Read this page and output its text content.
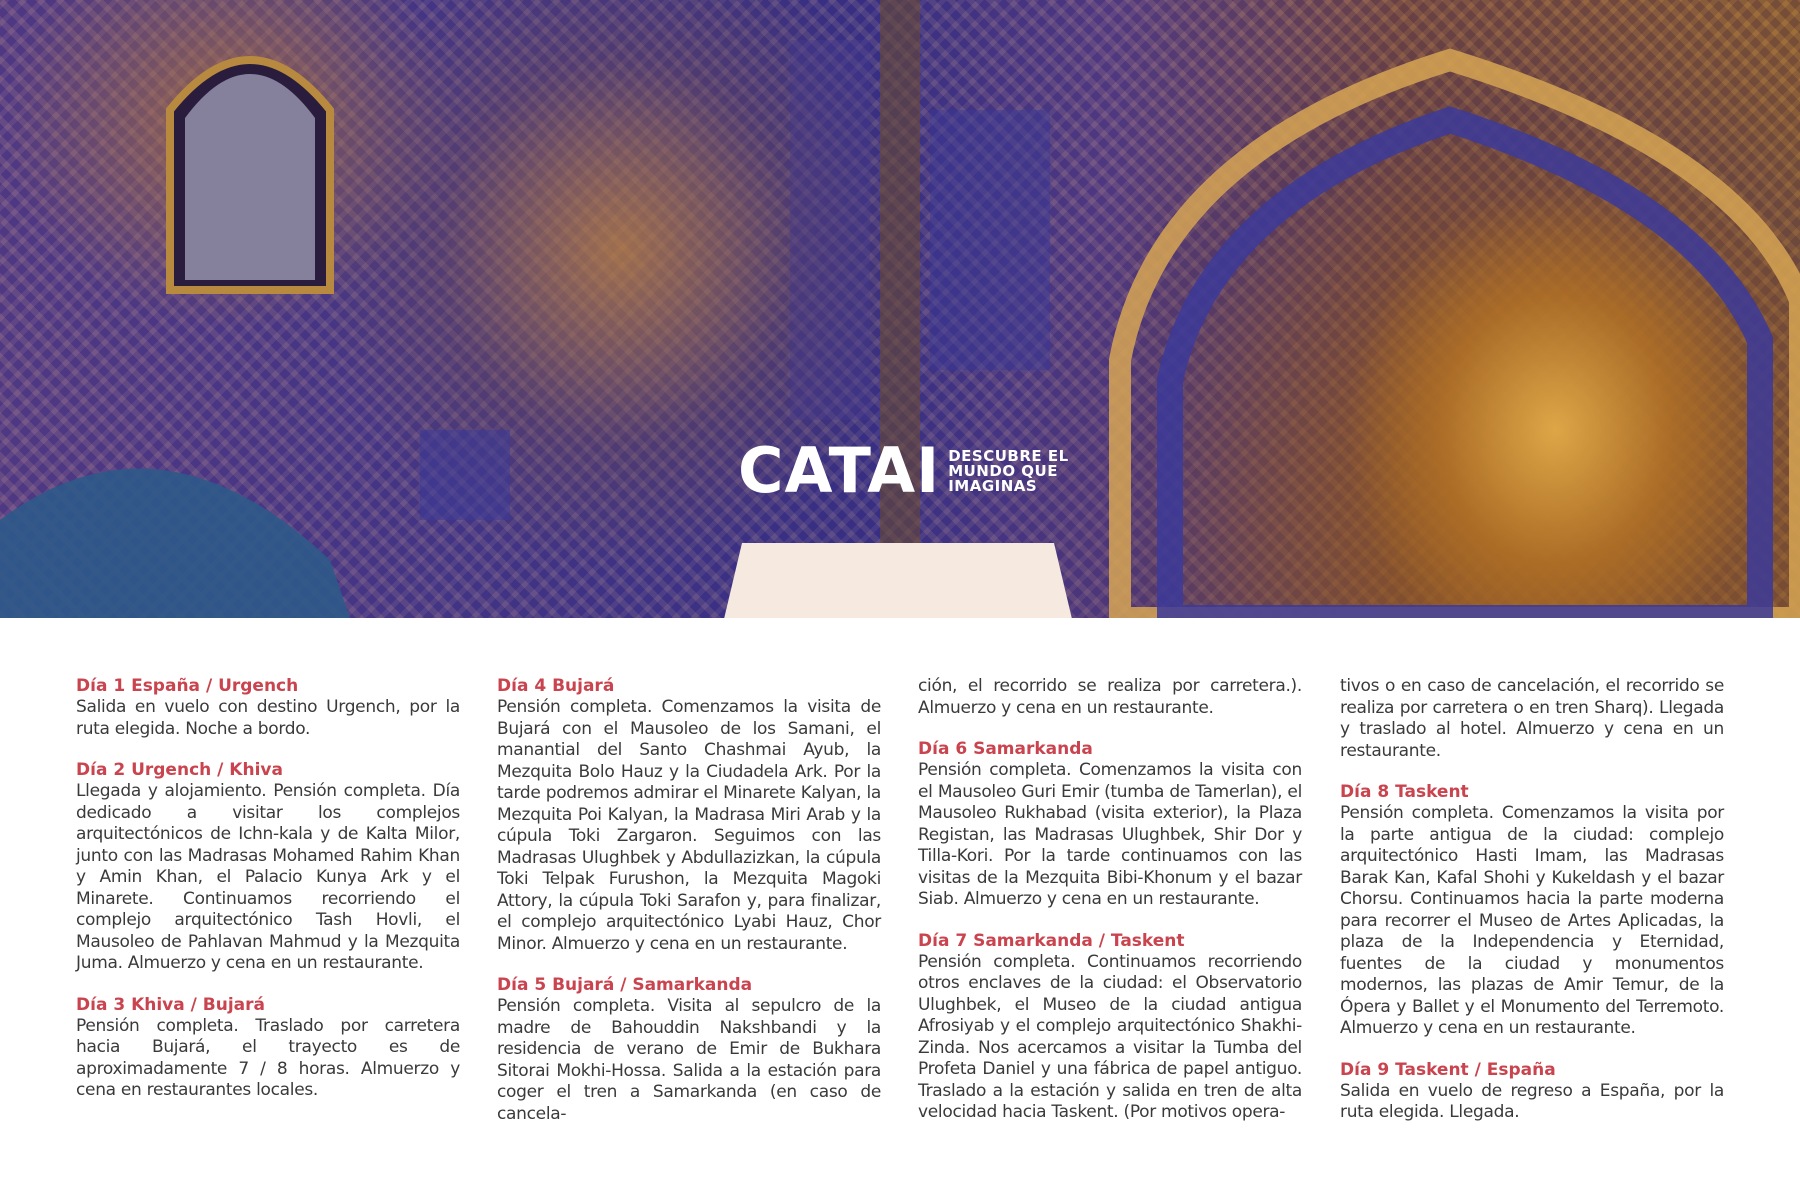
CATAI DESCUBRE EL
MUNDO QUE
IMAGINAS

Día 1 España / Urgench

Salida en vuelo con destino Urgench, por la ruta elegida. Noche a bordo.

Día 2 Urgench / Khiva

Llegada y alojamiento. Pensión completa. Día dedicado a visitar los complejos arquitectónicos de Ichn-kala y de Kalta Milor, junto con las Madrasas Mohamed Rahim Khan y Amin Khan, el Palacio Kunya Ark y el Minarete. Continuamos recorriendo el complejo arquitectónico Tash Hovli, el Mausoleo de Pahlavan Mahmud y la Mezquita Juma. Almuerzo y cena en un restaurante.

Día 3 Khiva / Bujará

Pensión completa. Traslado por carretera hacia Bujará, el trayecto es de aproximadamente 7 / 8 horas. Almuerzo y cena en restaurantes locales.

Día 4 Bujará

Pensión completa. Comenzamos la visita de Bujará con el Mausoleo de los Samani, el manantial del Santo Chashmai Ayub, la Mezquita Bolo Hauz y la Ciudadela Ark. Por la tarde podremos admirar el Minarete Kalyan, la Mezquita Poi Kalyan, la Madrasa Miri Arab y la cúpula Toki Zargaron. Seguimos con las Madrasas Ulughbek y Abdullazizkan, la cúpula Toki Telpak Furushon, la Mezquita Magoki Attory, la cúpula Toki Sarafon y, para finalizar, el complejo arquitectónico Lyabi Hauz, Chor Minor. Almuerzo y cena en un restaurante.

Día 5 Bujará / Samarkanda

Pensión completa. Visita al sepulcro de la madre de Bahouddin Nakshbandi y la residencia de verano de Emir de Bukhara Sitorai Mokhi-Hossa. Salida a la estación para coger el tren a Samarkanda (en caso de cancela-

ción, el recorrido se realiza por carretera.). Almuerzo y cena en un restaurante.

Día 6 Samarkanda

Pensión completa. Comenzamos la visita con el Mausoleo Guri Emir (tumba de Tamerlan), el Mausoleo Rukhabad (visita exterior), la Plaza Registan, las Madrasas Ulughbek, Shir Dor y Tilla-Kori. Por la tarde continuamos con las visitas de la Mezquita Bibi-Khonum y el bazar Siab. Almuerzo y cena en un restaurante.

Día 7 Samarkanda / Taskent

Pensión completa. Continuamos recorriendo otros enclaves de la ciudad: el Observatorio Ulughbek, el Museo de la ciudad antigua Afrosiyab y el complejo arquitectónico Shakhi-Zinda. Nos acercamos a visitar la Tumba del Profeta Daniel y una fábrica de papel antiguo. Traslado a la estación y salida en tren de alta velocidad hacia Taskent. (Por motivos opera-

tivos o en caso de cancelación, el recorrido se realiza por carretera o en tren Sharq). Llegada y traslado al hotel. Almuerzo y cena en un restaurante.

Día 8 Taskent

Pensión completa. Comenzamos la visita por la parte antigua de la ciudad: complejo arquitectónico Hasti Imam, las Madrasas Barak Kan, Kafal Shohi y Kukeldash y el bazar Chorsu. Continuamos hacia la parte moderna para recorrer el Museo de Artes Aplicadas, la plaza de la Independencia y Eternidad, fuentes de la ciudad y monumentos modernos, las plazas de Amir Temur, de la Ópera y Ballet y el Monumento del Terremoto. Almuerzo y cena en un restaurante.

Día 9 Taskent / España

Salida en vuelo de regreso a España, por la ruta elegida. Llegada.
